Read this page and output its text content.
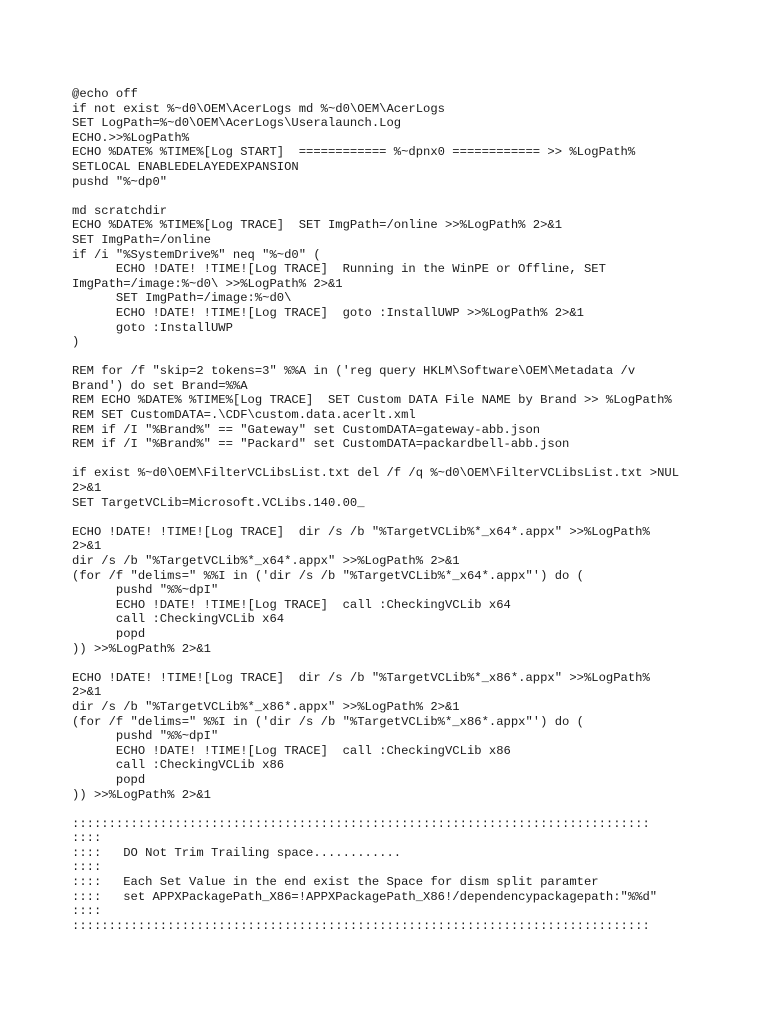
@echo off
if not exist %~d0\OEM\AcerLogs md %~d0\OEM\AcerLogs
SET LogPath=%~d0\OEM\AcerLogs\Useralaunch.Log
ECHO.>>%LogPath%
ECHO %DATE% %TIME%[Log START]  ============ %~dpnx0 ============ >> %LogPath%
SETLOCAL ENABLEDELAYEDEXPANSION
pushd "%~dp0"

md scratchdir
ECHO %DATE% %TIME%[Log TRACE]  SET ImgPath=/online >>%LogPath% 2>&1
SET ImgPath=/online
if /i "%SystemDrive%" neq "%~d0" (
ECHO !DATE! !TIME![Log TRACE]  Running in the WinPE or Offline, SET
ImgPath=/image:%~d0\ >>%LogPath% 2>&1
SET ImgPath=/image:%~d0\
ECHO !DATE! !TIME![Log TRACE]  goto :InstallUWP >>%LogPath% 2>&1
goto :InstallUWP
)

REM for /f "skip=2 tokens=3" %%A in ('reg query HKLM\Software\OEM\Metadata /v
Brand') do set Brand=%%A
REM ECHO %DATE% %TIME%[Log TRACE]  SET Custom DATA File NAME by Brand >> %LogPath%
REM SET CustomDATA=.\CDF\custom.data.acerlt.xml
REM if /I "%Brand%" == "Gateway" set CustomDATA=gateway-abb.json
REM if /I "%Brand%" == "Packard" set CustomDATA=packardbell-abb.json

if exist %~d0\OEM\FilterVCLibsList.txt del /f /q %~d0\OEM\FilterVCLibsList.txt >NUL
2>&1
SET TargetVCLib=Microsoft.VCLibs.140.00_

ECHO !DATE! !TIME![Log TRACE]  dir /s /b "%TargetVCLib%*_x64*.appx" >>%LogPath%
2>&1
dir /s /b "%TargetVCLib%*_x64*.appx" >>%LogPath% 2>&1
(for /f "delims=" %%I in ('dir /s /b "%TargetVCLib%*_x64*.appx"') do (
pushd "%%~dpI"
ECHO !DATE! !TIME![Log TRACE]  call :CheckingVCLib x64
call :CheckingVCLib x64
popd
)) >>%LogPath% 2>&1

ECHO !DATE! !TIME![Log TRACE]  dir /s /b "%TargetVCLib%*_x86*.appx" >>%LogPath%
2>&1
dir /s /b "%TargetVCLib%*_x86*.appx" >>%LogPath% 2>&1
(for /f "delims=" %%I in ('dir /s /b "%TargetVCLib%*_x86*.appx"') do (
pushd "%%~dpI"
ECHO !DATE! !TIME![Log TRACE]  call :CheckingVCLib x86
call :CheckingVCLib x86
popd
)) >>%LogPath% 2>&1

:::::::::::::::::::::::::::::::::::::::::::::::::::::::::::::::::::::::::::::::
::::
::::   DO Not Trim Trailing space............
::::
::::   Each Set Value in the end exist the Space for dism split paramter
::::   set APPXPackagePath_X86=!APPXPackagePath_X86!/dependencypackagepath:"%%d"
::::
:::::::::::::::::::::::::::::::::::::::::::::::::::::::::::::::::::::::::::::::
